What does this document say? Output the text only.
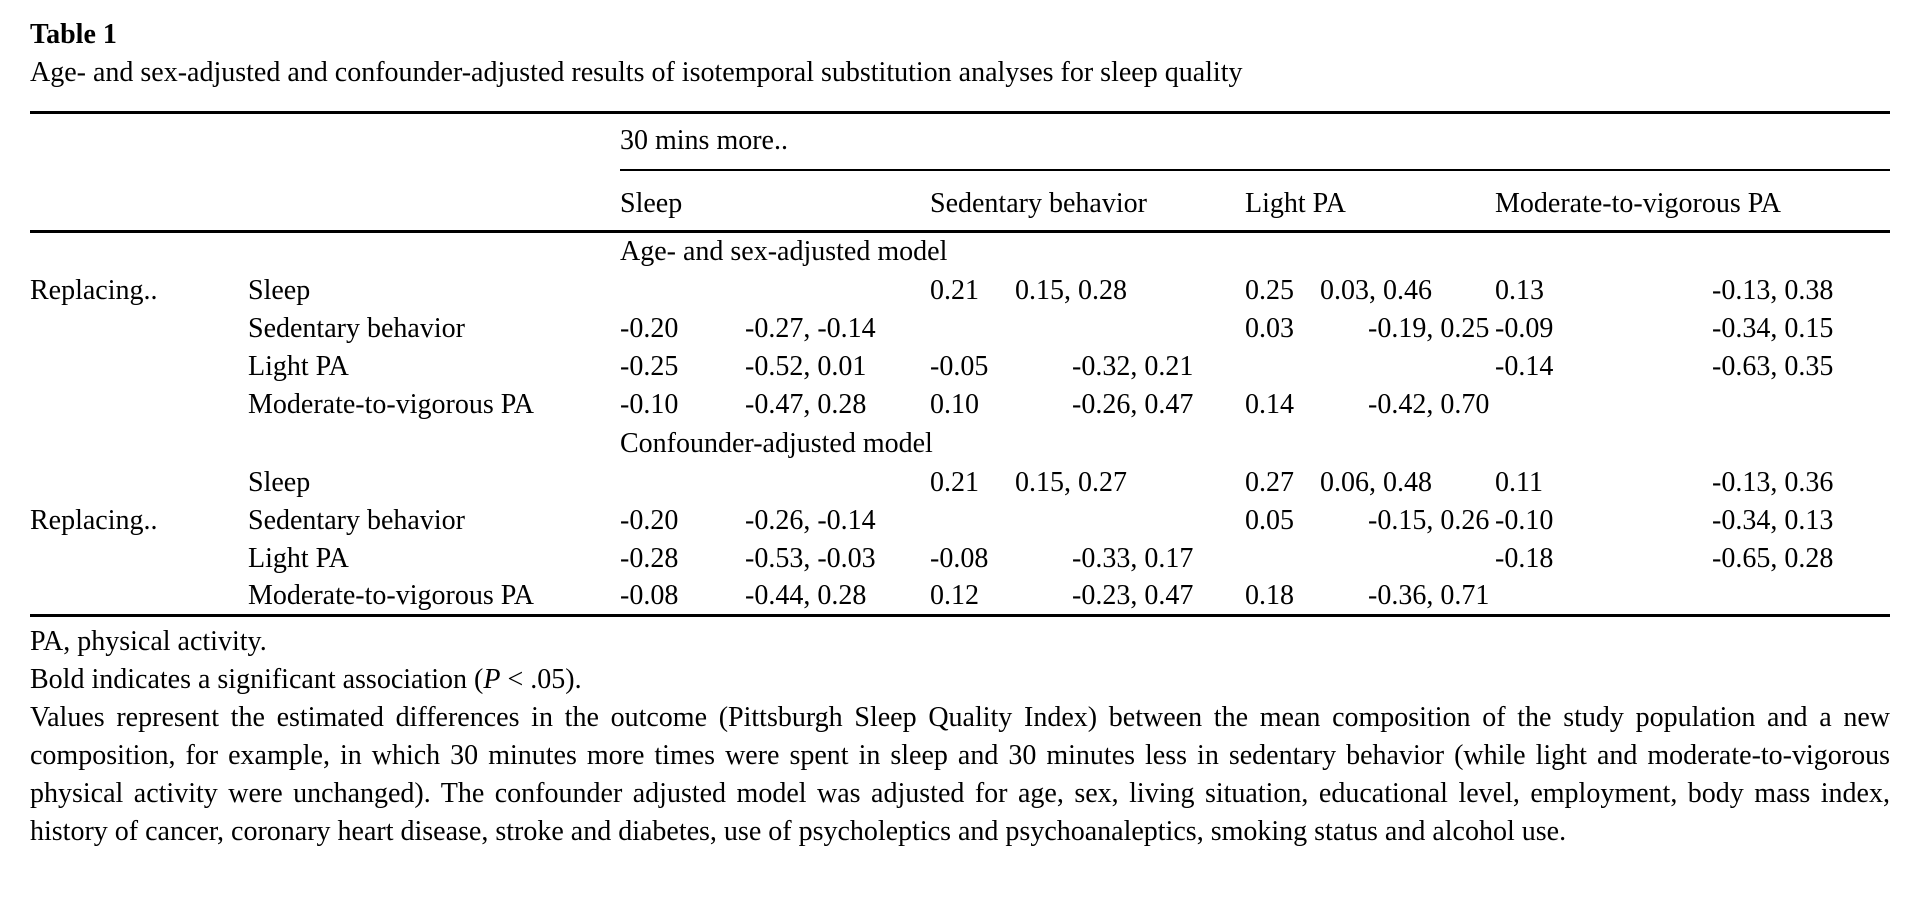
Table 1
Age- and sex-adjusted and confounder-adjusted results of isotemporal substitution analyses for sleep quality
		30 mins more..							
		Sleep		Sedentary behavior		Light PA		Moderate-to-vigorous PA	
		Age- and sex-adjusted model							
Replacing..	Sleep			0.21	0.15, 0.28	0.25	0.03, 0.46	0.13	-0.13, 0.38
	Sedentary behavior	-0.20	-0.27, -0.14			0.03	-0.19, 0.25	-0.09	-0.34, 0.15
	Light PA	-0.25	-0.52, 0.01	-0.05	-0.32, 0.21			-0.14	-0.63, 0.35
	Moderate-to-vigorous PA	-0.10	-0.47, 0.28	0.10	-0.26, 0.47	0.14	-0.42, 0.70		
		Confounder-adjusted model							
	Sleep			0.21	0.15, 0.27	0.27	0.06, 0.48	0.11	-0.13, 0.36
Replacing..	Sedentary behavior	-0.20	-0.26, -0.14			0.05	-0.15, 0.26	-0.10	-0.34, 0.13
	Light PA	-0.28	-0.53, -0.03	-0.08	-0.33, 0.17			-0.18	-0.65, 0.28
	Moderate-to-vigorous PA	-0.08	-0.44, 0.28	0.12	-0.23, 0.47	0.18	-0.36, 0.71		
PA, physical activity.
Bold indicates a significant association (P < .05).
Values represent the estimated differences in the outcome (Pittsburgh Sleep Quality Index) between the mean composition of the study population and a new composition, for example, in which 30 minutes more times were spent in sleep and 30 minutes less in sedentary behavior (while light and moderate-to-vigorous physical activity were unchanged). The confounder adjusted model was adjusted for age, sex, living situation, educational level, employment, body mass index, history of cancer, coronary heart disease, stroke and diabetes, use of psycholeptics and psychoanaleptics, smoking status and alcohol use.
